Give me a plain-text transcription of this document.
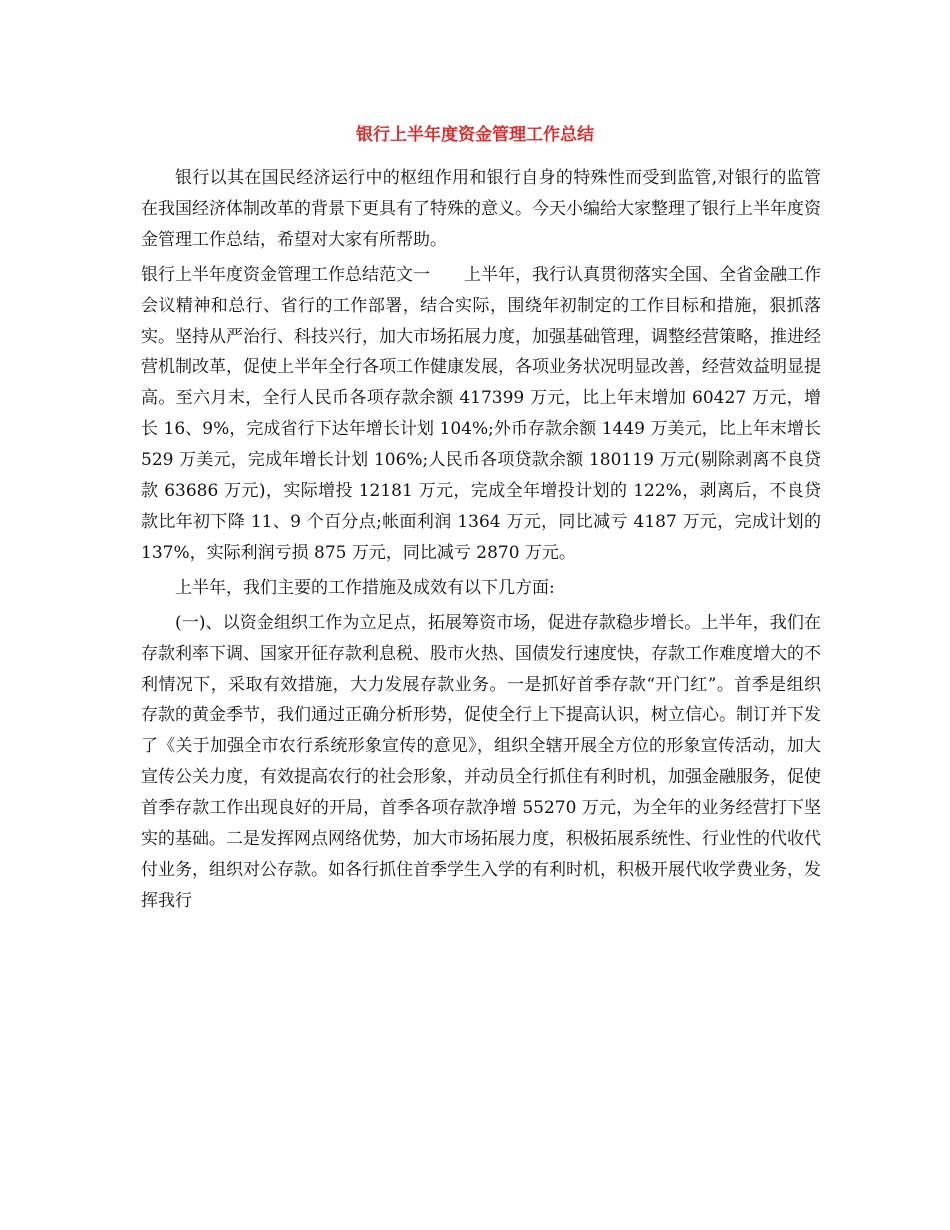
银行上半年度资金管理工作总结

银行以其在国民经济运行中的枢纽作用和银行自身的特殊性而受到监管,对银行的监管在我国经济体制改革的背景下更具有了特殊的意义。今天小编给大家整理了银行上半年度资金管理工作总结，希望对大家有所帮助。

银行上半年度资金管理工作总结范文一　　上半年，我行认真贯彻落实全国、全省金融工作会议精神和总行、省行的工作部署，结合实际，围绕年初制定的工作目标和措施，狠抓落实。坚持从严治行、科技兴行，加大市场拓展力度，加强基础管理，调整经营策略，推进经营机制改革，促使上半年全行各项工作健康发展，各项业务状况明显改善，经营效益明显提高。至六月末，全行人民币各项存款余额 417399 万元，比上年末增加 60427 万元，增长 16、9%，完成省行下达年增长计划 104%;外币存款余额 1449 万美元，比上年末增长 529 万美元，完成年增长计划 106%;人民币各项贷款余额 180119 万元(剔除剥离不良贷款 63686 万元)，实际增投 12181 万元，完成全年增投计划的 122%，剥离后，不良贷款比年初下降 11、9 个百分点;帐面利润 1364 万元，同比减亏 4187 万元，完成计划的 137%，实际利润亏损 875 万元，同比减亏 2870 万元。

上半年，我们主要的工作措施及成效有以下几方面:

(一)、以资金组织工作为立足点，拓展筹资市场，促进存款稳步增长。上半年，我们在存款利率下调、国家开征存款利息税、股市火热、国债发行速度快，存款工作难度增大的不利情况下，采取有效措施，大力发展存款业务。一是抓好首季存款“开门红”。首季是组织存款的黄金季节，我们通过正确分析形势，促使全行上下提高认识，树立信心。制订并下发了《关于加强全市农行系统形象宣传的意见》，组织全辖开展全方位的形象宣传活动，加大宣传公关力度，有效提高农行的社会形象，并动员全行抓住有利时机，加强金融服务，促使首季存款工作出现良好的开局，首季各项存款净增 55270 万元，为全年的业务经营打下坚实的基础。二是发挥网点网络优势，加大市场拓展力度，积极拓展系统性、行业性的代收代付业务，组织对公存款。如各行抓住首季学生入学的有利时机，积极开展代收学费业务，发挥我行
